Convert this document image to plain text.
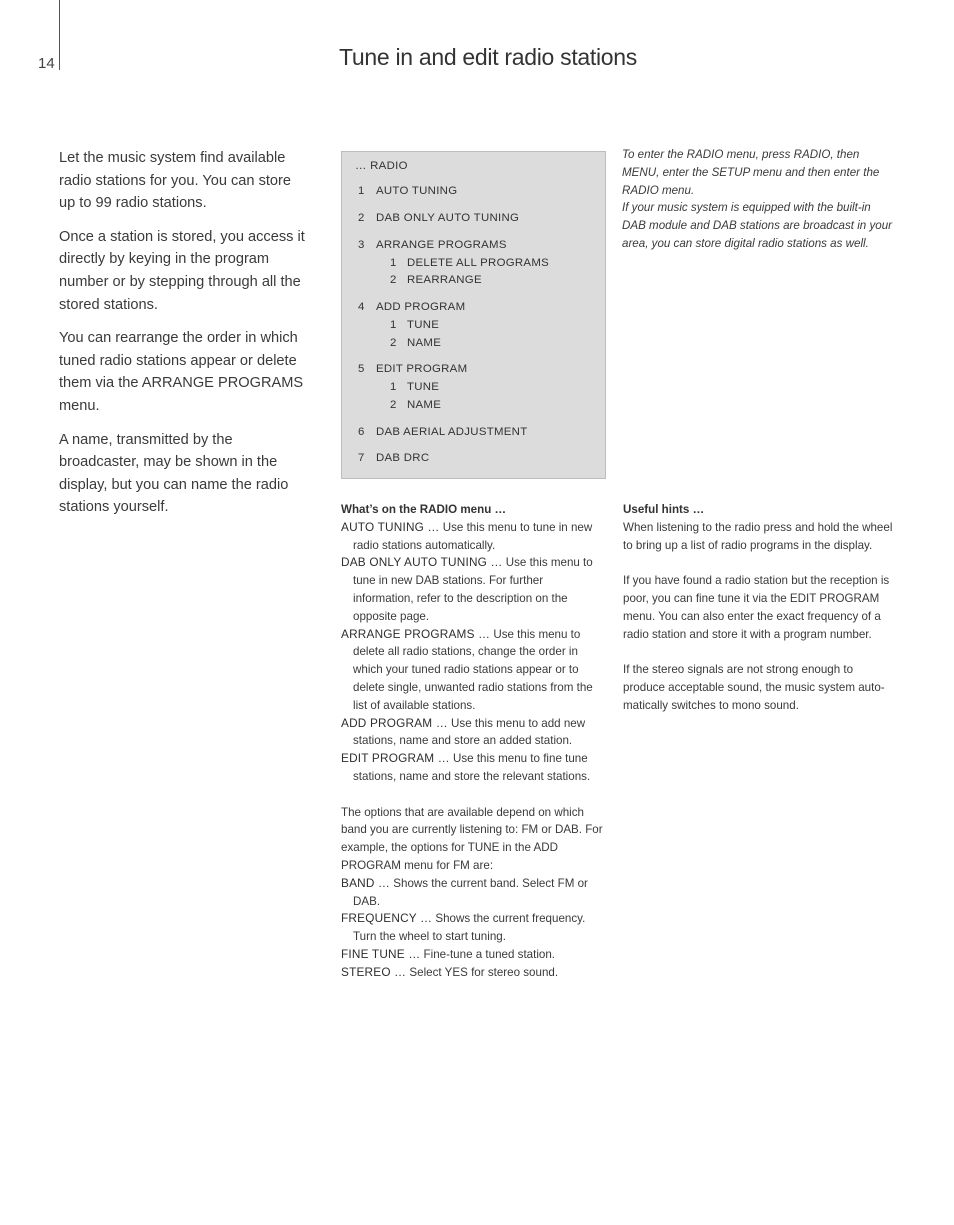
14	Tune in and edit radio stations

Let the music system find available radio stations for you. You can store up to 99 radio stations.

Once a station is stored, you access it directly by keying in the program number or by stepping through all the stored stations.

You can rearrange the order in which tuned radio stations appear or delete them via the ARRANGE PROGRAMS menu.

A name, transmitted by the broadcaster, may be shown in the display, but you can name the radio stations yourself.

… RADIO
1 AUTO TUNING
2 DAB ONLY AUTO TUNING
3 ARRANGE PROGRAMS
1 DELETE ALL PROGRAMS
2 REARRANGE
4 ADD PROGRAM
1 TUNE
2 NAME
5 EDIT PROGRAM
1 TUNE
2 NAME
6 DAB AERIAL ADJUSTMENT
7 DAB DRC

To enter the RADIO menu, press RADIO, then MENU, enter the SETUP menu and then enter the RADIO menu.

If your music system is equipped with the built-in DAB module and DAB stations are broadcast in your area, you can store digital radio stations as well.

What’s on the RADIO menu …

AUTO TUNING … Use this menu to tune in new radio stations automatically.

DAB ONLY AUTO TUNING … Use this menu to tune in new DAB stations. For further information, refer to the description on the opposite page.

ARRANGE PROGRAMS … Use this menu to delete all radio stations, change the order in which your tuned radio stations appear or to delete single, unwanted radio stations from the list of available stations.

ADD PROGRAM … Use this menu to add new stations, name and store an added station.

EDIT PROGRAM … Use this menu to fine tune stations, name and store the relevant stations.

The options that are available depend on which band you are currently listening to: FM or DAB. For example, the options for TUNE in the ADD PROGRAM menu for FM are:

BAND … Shows the current band. Select FM or DAB.

FREQUENCY … Shows the current frequency. Turn the wheel to start tuning.

FINE TUNE … Fine-tune a tuned station.

STEREO … Select YES for stereo sound.

Useful hints …

When listening to the radio press and hold the wheel to bring up a list of radio programs in the display.

If you have found a radio station but the reception is poor, you can fine tune it via the EDIT PROGRAM menu. You can also enter the exact frequency of a radio station and store it with a program number.

If the stereo signals are not strong enough to produce acceptable sound, the music system auto-matically switches to mono sound.
